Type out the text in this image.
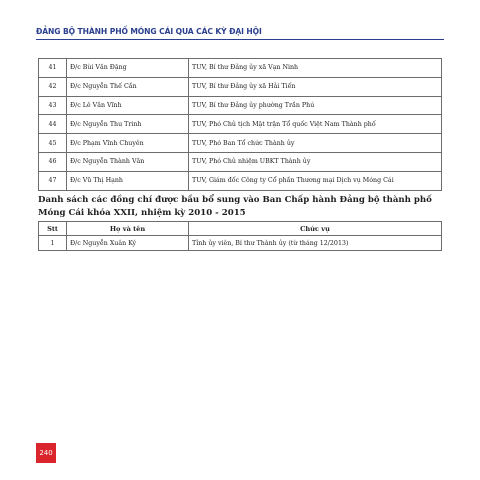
ĐẢNG BỘ THÀNH PHỐ MÓNG CÁI QUA CÁC KỲ ĐẠI HỘI
41	Đ/c Bùi Văn Đặng	TUV, Bí thư Đảng ủy xã Vạn Ninh
42	Đ/c Nguyễn Thế Cần	TUV, Bí thư Đảng ủy xã Hải Tiến
43	Đ/c Lê Văn Vĩnh	TUV, Bí thư Đảng ủy phường Trần Phú
44	Đ/c Nguyễn Thu Trinh	TUV, Phó Chủ tịch Mặt trận Tổ quốc Việt Nam Thành phố
45	Đ/c Phạm Vĩnh Chuyên	TUV, Phó Ban Tổ chức Thành ủy
46	Đ/c Nguyễn Thành Văn	TUV, Phó Chủ nhiệm UBKT Thành ủy
47	Đ/c Vũ Thị Hạnh	TUV, Giám đốc Công ty Cổ phần Thương mại Dịch vụ Móng Cái
Danh sách các đồng chí được bầu bổ sung vào Ban Chấp hành Đảng bộ thành phố Móng Cái khóa XXII, nhiệm kỳ 2010 - 2015
Stt	Họ và tên	Chức vụ
1	Đ/c Nguyễn Xuân Ký	Tỉnh ủy viên, Bí thư Thành ủy (từ tháng 12/2013)
240
